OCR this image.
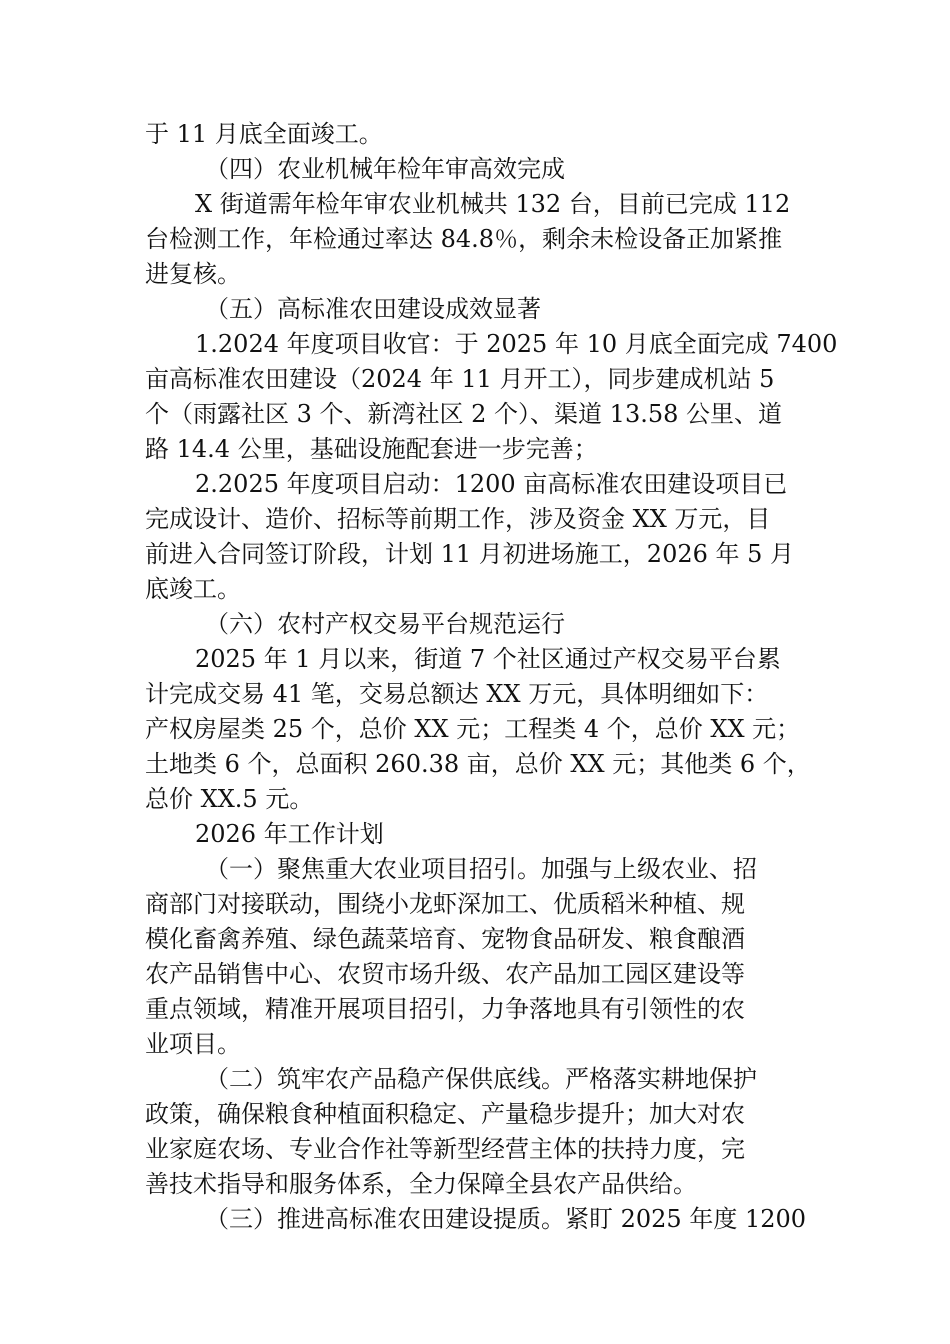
于 11 月底全面竣工。
（四）农业机械年检年审高效完成
X 街道需年检年审农业机械共 132 台，目前已完成 112
台检测工作，年检通过率达 84.8％，剩余未检设备正加紧推
进复核。
（五）高标准农田建设成效显著
1.2024 年度项目收官：于 2025 年 10 月底全面完成 7400
亩高标准农田建设（2024 年 11 月开工），同步建成机站 5
个（雨露社区 3 个、新湾社区 2 个）、渠道 13.58 公里、道
路 14.4 公里，基础设施配套进一步完善；
2.2025 年度项目启动：1200 亩高标准农田建设项目已
完成设计、造价、招标等前期工作，涉及资金 XX 万元，目
前进入合同签订阶段，计划 11 月初进场施工，2026 年 5 月
底竣工。
（六）农村产权交易平台规范运行
2025 年 1 月以来，街道 7 个社区通过产权交易平台累
计完成交易 41 笔，交易总额达 XX 万元，具体明细如下：
产权房屋类 25 个，总价 XX 元；工程类 4 个，总价 XX 元；
土地类 6 个，总面积 260.38 亩，总价 XX 元；其他类 6 个，
总价 XX.5 元。
2026 年工作计划
（一）聚焦重大农业项目招引。加强与上级农业、招
商部门对接联动，围绕小龙虾深加工、优质稻米种植、规
模化畜禽养殖、绿色蔬菜培育、宠物食品研发、粮食酿酒
农产品销售中心、农贸市场升级、农产品加工园区建设等
重点领域，精准开展项目招引，力争落地具有引领性的农
业项目。
（二）筑牢农产品稳产保供底线。严格落实耕地保护
政策，确保粮食种植面积稳定、产量稳步提升；加大对农
业家庭农场、专业合作社等新型经营主体的扶持力度，完
善技术指导和服务体系，全力保障全县农产品供给。
（三）推进高标准农田建设提质。紧盯 2025 年度 1200
